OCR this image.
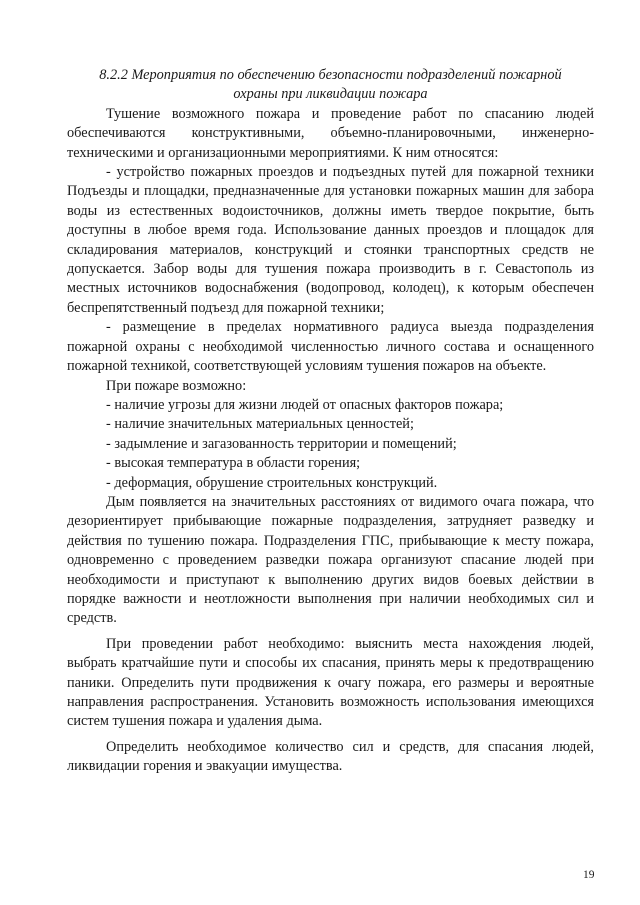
8.2.2 Мероприятия по обеспечению безопасности подразделений пожарной охраны при ликвидации пожара

Тушение возможного пожара и проведение работ по спасанию людей обеспечиваются конструктивными, объемно-планировочными, инженерно-техническими и организационными мероприятиями. К ним относятся:

- устройство пожарных проездов и подъездных путей для пожарной техники Подъезды и площадки, предназначенные для установки пожарных машин для забора воды из естественных водоисточников, должны иметь твердое покрытие, быть доступны в любое время года. Использование данных проездов и площадок для складирования материалов, конструкций и стоянки транспортных средств не допускается. Забор воды для тушения пожара производить в г. Севастополь из местных источников водоснабжения (водопровод, колодец), к которым обеспечен беспрепятственный подъезд для пожарной техники;

- размещение в пределах нормативного радиуса выезда подразделения пожарной охраны с необходимой численностью личного состава и оснащенного пожарной техникой, соответствующей условиям тушения пожаров на объекте.

При пожаре возможно:

- наличие угрозы для жизни людей от опасных факторов пожара;

- наличие значительных материальных ценностей;

- задымление и загазованность территории и помещений;

- высокая температура в области горения;

- деформация, обрушение строительных конструкций.

Дым появляется на значительных расстояниях от видимого очага пожара, что дезориентирует прибывающие пожарные подразделения, затрудняет разведку и действия по тушению пожара. Подразделения ГПС, прибывающие к месту пожара, одновременно с проведением разведки пожара организуют спасание людей при необходимости и приступают к выполнению других видов боевых действии в порядке важности и неотложности выполнения при наличии необходимых сил и средств.

При проведении работ необходимо: выяснить места нахождения людей, выбрать кратчайшие пути и способы их спасания, принять меры к предотвращению паники. Определить пути продвижения к очагу пожара, его размеры и вероятные направления распространения. Установить возможность использования имеющихся систем тушения пожара и удаления дыма.

Определить необходимое количество сил и средств, для спасания людей, ликвидации горения и эвакуации имущества.

19
